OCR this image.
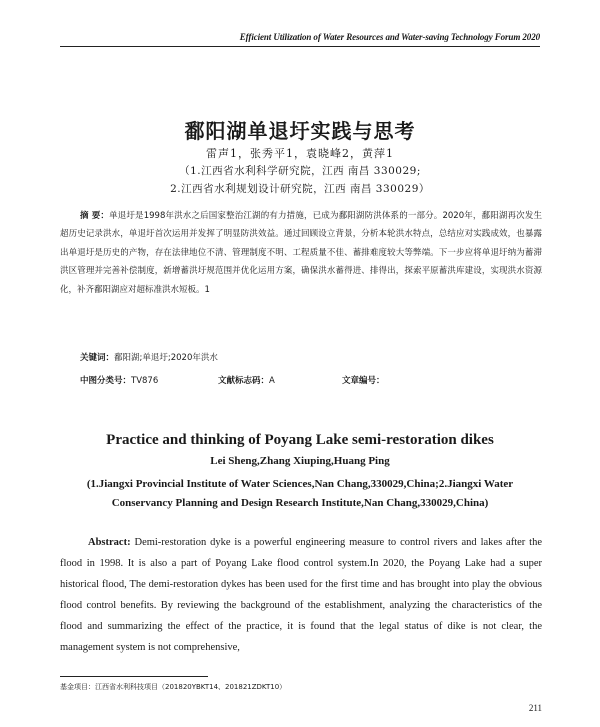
Efficient Utilization of Water Resources and Water-saving Technology Forum 2020
鄱阳湖单退圩实践与思考
雷声1，张秀平1，袁晓峰2，黄萍1
（1.江西省水利科学研究院，江西 南昌 330029;
2.江西省水利规划设计研究院，江西 南昌 330029）
摘 要：单退圩是1998年洪水之后国家整治江湖的有力措施，已成为鄱阳湖防洪体系的一部分。2020年，鄱阳湖再次发生超历史记录洪水，单退圩首次运用并发挥了明显防洪效益。通过回顾设立背景，分析本轮洪水特点，总结应对实践成效，也暴露出单退圩是历史的产物，存在法律地位不清、管理制度不明、工程质量不佳、蓄排难度较大等弊端。下一步应将单退圩纳为蓄滞洪区管理并完善补偿制度，新增蓄洪圩规范围并优化运用方案，确保洪水蓄得进、排得出，探索平原蓄洪库建设，实现洪水资源化，补齐鄱阳湖应对超标准洪水短板。1
关键词：鄱阳湖;单退圩;2020年洪水
中图分类号：TV876	文献标志码：A	文章编号：
Practice and thinking of Poyang Lake semi-restoration dikes
Lei Sheng,Zhang Xiuping,Huang Ping
(1.Jiangxi Provincial Institute of Water Sciences,Nan Chang,330029,China;2.Jiangxi Water Conservancy Planning and Design Research Institute,Nan Chang,330029,China)
Abstract: Demi-restoration dyke is a powerful engineering measure to control rivers and lakes after the flood in 1998. It is also a part of Poyang Lake flood control system.In 2020, the Poyang Lake had a super historical flood, The demi-restoration dykes has been used for the first time and has brought into play the obvious flood control benefits. By reviewing the background of the establishment, analyzing the characteristics of the flood and summarizing the effect of the practice, it is found that the legal status of dike is not clear, the management system is not comprehensive,
基金项目：江西省水利科技项目（201820YBKT14、201821ZDKT10）
211
